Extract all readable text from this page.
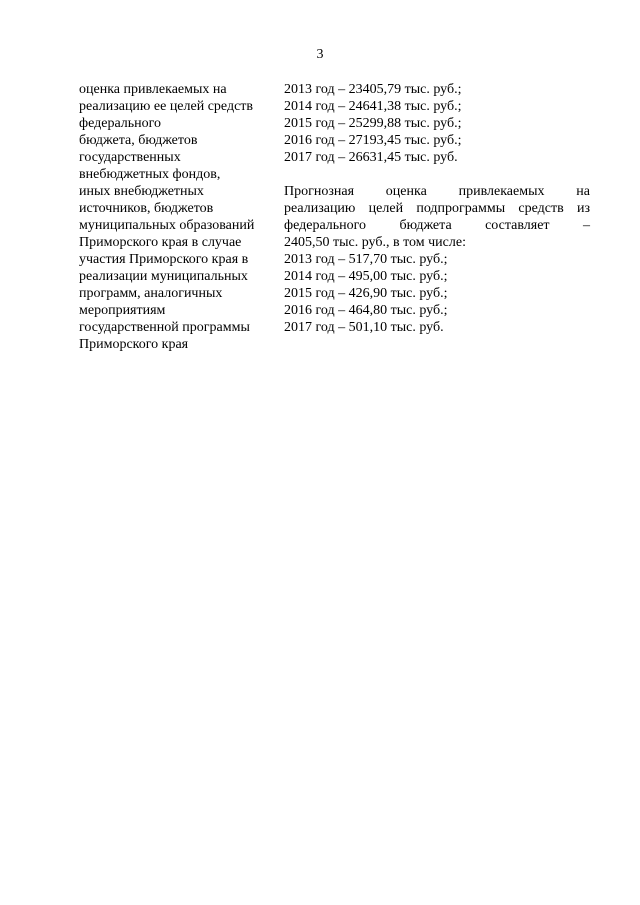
3
оценка привлекаемых на
реализацию ее целей средств
федерального
бюджета, бюджетов
государственных
внебюджетных фондов,
иных внебюджетных
источников, бюджетов
муниципальных образований
Приморского края в случае
участия Приморского края в
реализации муниципальных
программ, аналогичных
мероприятиям
государственной программы
Приморского края
2013 год – 23405,79 тыс. руб.;
2014 год – 24641,38 тыс. руб.;
2015 год – 25299,88 тыс. руб.;
2016 год – 27193,45 тыс. руб.;
2017 год – 26631,45 тыс. руб.
Прогнозная оценка привлекаемых на
реализацию целей подпрограммы средств из
федерального бюджета составляет –
2405,50 тыс. руб., в том числе:
2013 год – 517,70 тыс. руб.;
2014 год – 495,00 тыс. руб.;
2015 год – 426,90 тыс. руб.;
2016 год – 464,80 тыс. руб.;
2017 год – 501,10 тыс. руб.
